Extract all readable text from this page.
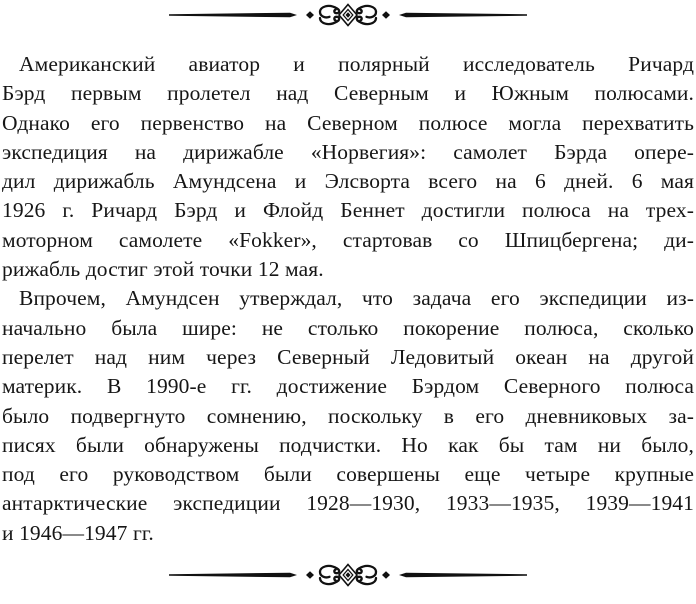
Американский авиатор и полярный исследователь Ричард
Бэрд первым пролетел над Северным и Южным полюсами.
Однако его первенство на Северном полюсе могла перехватить
экспедиция на дирижабле «Норвегия»: самолет Бэрда опере-
дил дирижабль Амундсена и Элсворта всего на 6 дней. 6 мая
1926 г. Ричард Бэрд и Флойд Беннет достигли полюса на трех-
моторном самолете «Fokker», стартовав со Шпицбергена; ди-
рижабль достиг этой точки 12 мая.
Впрочем, Амундсен утверждал, что задача его экспедиции из-
начально была шире: не столько покорение полюса, сколько
перелет над ним через Северный Ледовитый океан на другой
материк. В 1990-е гг. достижение Бэрдом Северного полюса
было подвергнуто сомнению, поскольку в его дневниковых за-
писях были обнаружены подчистки. Но как бы там ни было,
под его руководством были совершены еще четыре крупные
антарктические экспедиции 1928—1930, 1933—1935, 1939—1941
и 1946—1947 гг.
